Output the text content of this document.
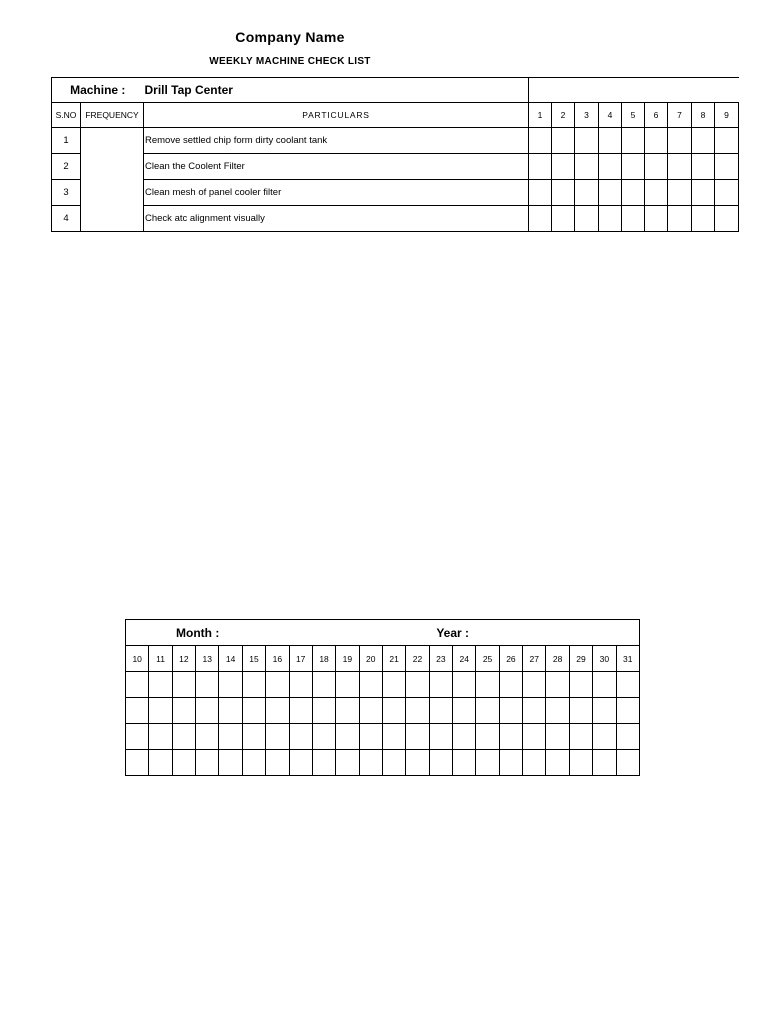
Company Name
WEEKLY MACHINE CHECK LIST
Machine :		Drill Tap Center									
S.NO	FREQUENCY	PARTICULARS	1	2	3	4	5	6	7	8	9
1		Remove settled chip form dirty coolant tank									
2		Clean the Coolent Filter									
3		Clean mesh of panel cooler filter									
4		Check atc alignment visually									
Month : Year :																					
10	11	12	13	14	15	16	17	18	19	20	21	22	23	24	25	26	27	28	29	30	31
